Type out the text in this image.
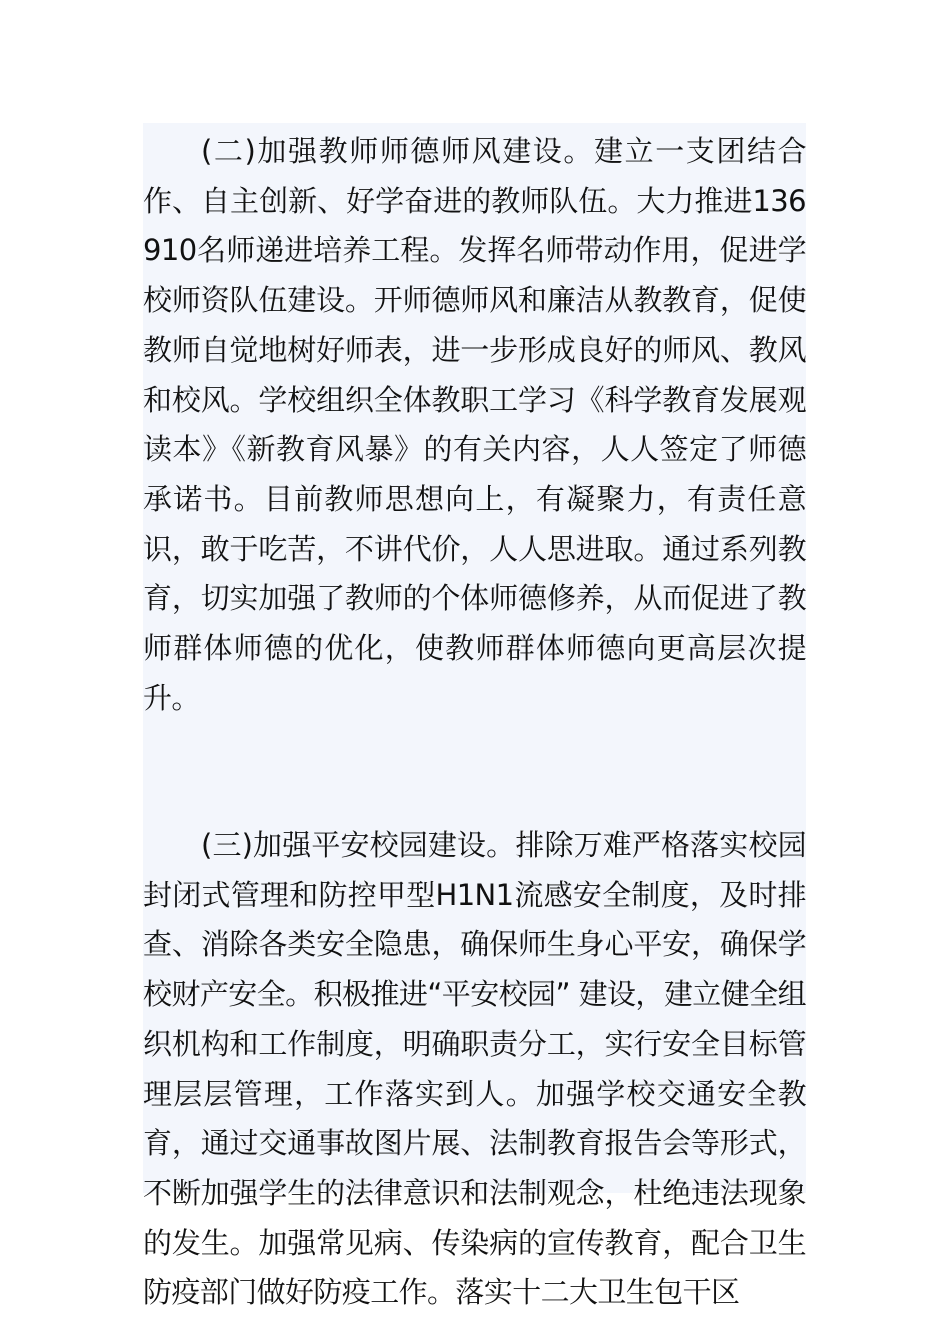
(二)加强教师师德师风建设。建立一支团结合作、自主创新、好学奋进的教师队伍。大力推进136910名师递进培养工程。发挥名师带动作用，促进学校师资队伍建设。开师德师风和廉洁从教教育，促使教师自觉地树好师表，进一步形成良好的师风、教风和校风。学校组织全体教职工学习《科学教育发展观读本》《新教育风暴》的有关内容，人人签定了师德承诺书。目前教师思想向上，有凝聚力，有责任意识，敢于吃苦，不讲代价，人人思进取。通过系列教育，切实加强了教师的个体师德修养，从而促进了教师群体师德的优化，使教师群体师德向更高层次提升。

(三)加强平安校园建设。排除万难严格落实校园封闭式管理和防控甲型H1N1流感安全制度，及时排查、消除各类安全隐患，确保师生身心平安，确保学校财产安全。积极推进“平安校园” 建设，建立健全组织机构和工作制度，明确职责分工，实行安全目标管理层层管理，工作落实到人。加强学校交通安全教育，通过交通事故图片展、法制教育报告会等形式，不断加强学生的法律意识和法制观念，杜绝违法现象的发生。加强常见病、传染病的宣传教育，配合卫生防疫部门做好防疫工作。落实十二大卫生包干区
